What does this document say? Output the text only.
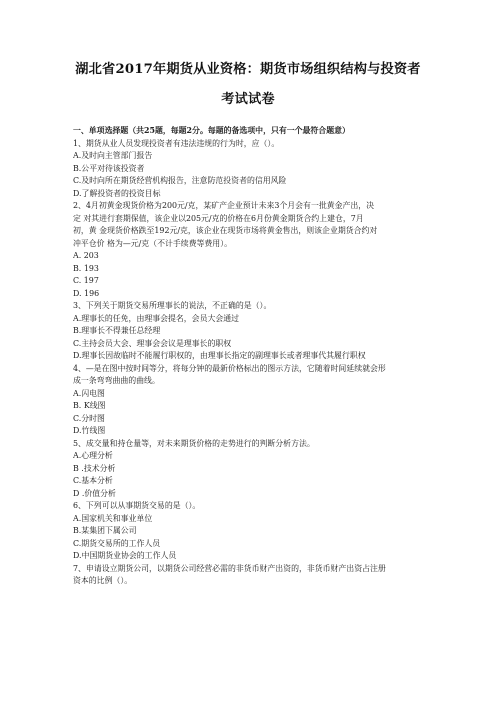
湖北省2017年期货从业资格：期货市场组织结构与投资者
考试试卷
一、单项选择题（共25题，每题2分。每题的备选项中，只有一个最符合题意）
1、期货从业人员发现投资者有违法违规的行为时，应（）。
A.及时向主管部门报告
B.公平对待该投资者
C.及时向所在期货经营机构报告，注意防范投资者的信用风险
D.了解投资者的投资目标
2、4月初黄金现货价格为200元/克，某矿产企业预计未来3个月会有一批黄金产出，决
定 对其进行套期保值，该企业以205元/克的价格在6月份黄金期货合约上建仓，7月
初，黄 金现货价格跌至192元/克，该企业在现货市场将黄金售出，则该企业期货合约对
冲平仓价 格为—元/克（不计手续费等费用）。
A. 203
B. 193
C. 197
D. 196
3、下列关于期货交易所理事长的说法，不正确的是（）。
A.理事长的任免，由理事会提名，会员大会通过
B.理事长不得兼任总经理
C.主持会员大会、理事会会议是理事长的职权
D.理事长因故临时不能履行职权的，由理事长指定的副理事长或者理事代其履行职权
4、—是在图中按时间等分，将每分钟的最新价格标出的图示方法，它随着时间延续就会形
成一条弯弯曲曲的曲线。
A.闪电图
B. K线图
C.分时图
D.竹线图
5、成交量和持仓量等，对未来期货价格的走势进行的判断分析方法。
A.心理分析
B .技术分析
C.基本分析
D .价值分析
6、下列可以从事期货交易的是（）。
A.国家机关和事业单位
B.某集团下属公司
C.期货交易所的工作人员
D.中国期货业协会的工作人员
7、申请设立期货公司，以期货公司经营必需的非货币财产出资的，非货币财产出资占注册
资本的比例（）。
